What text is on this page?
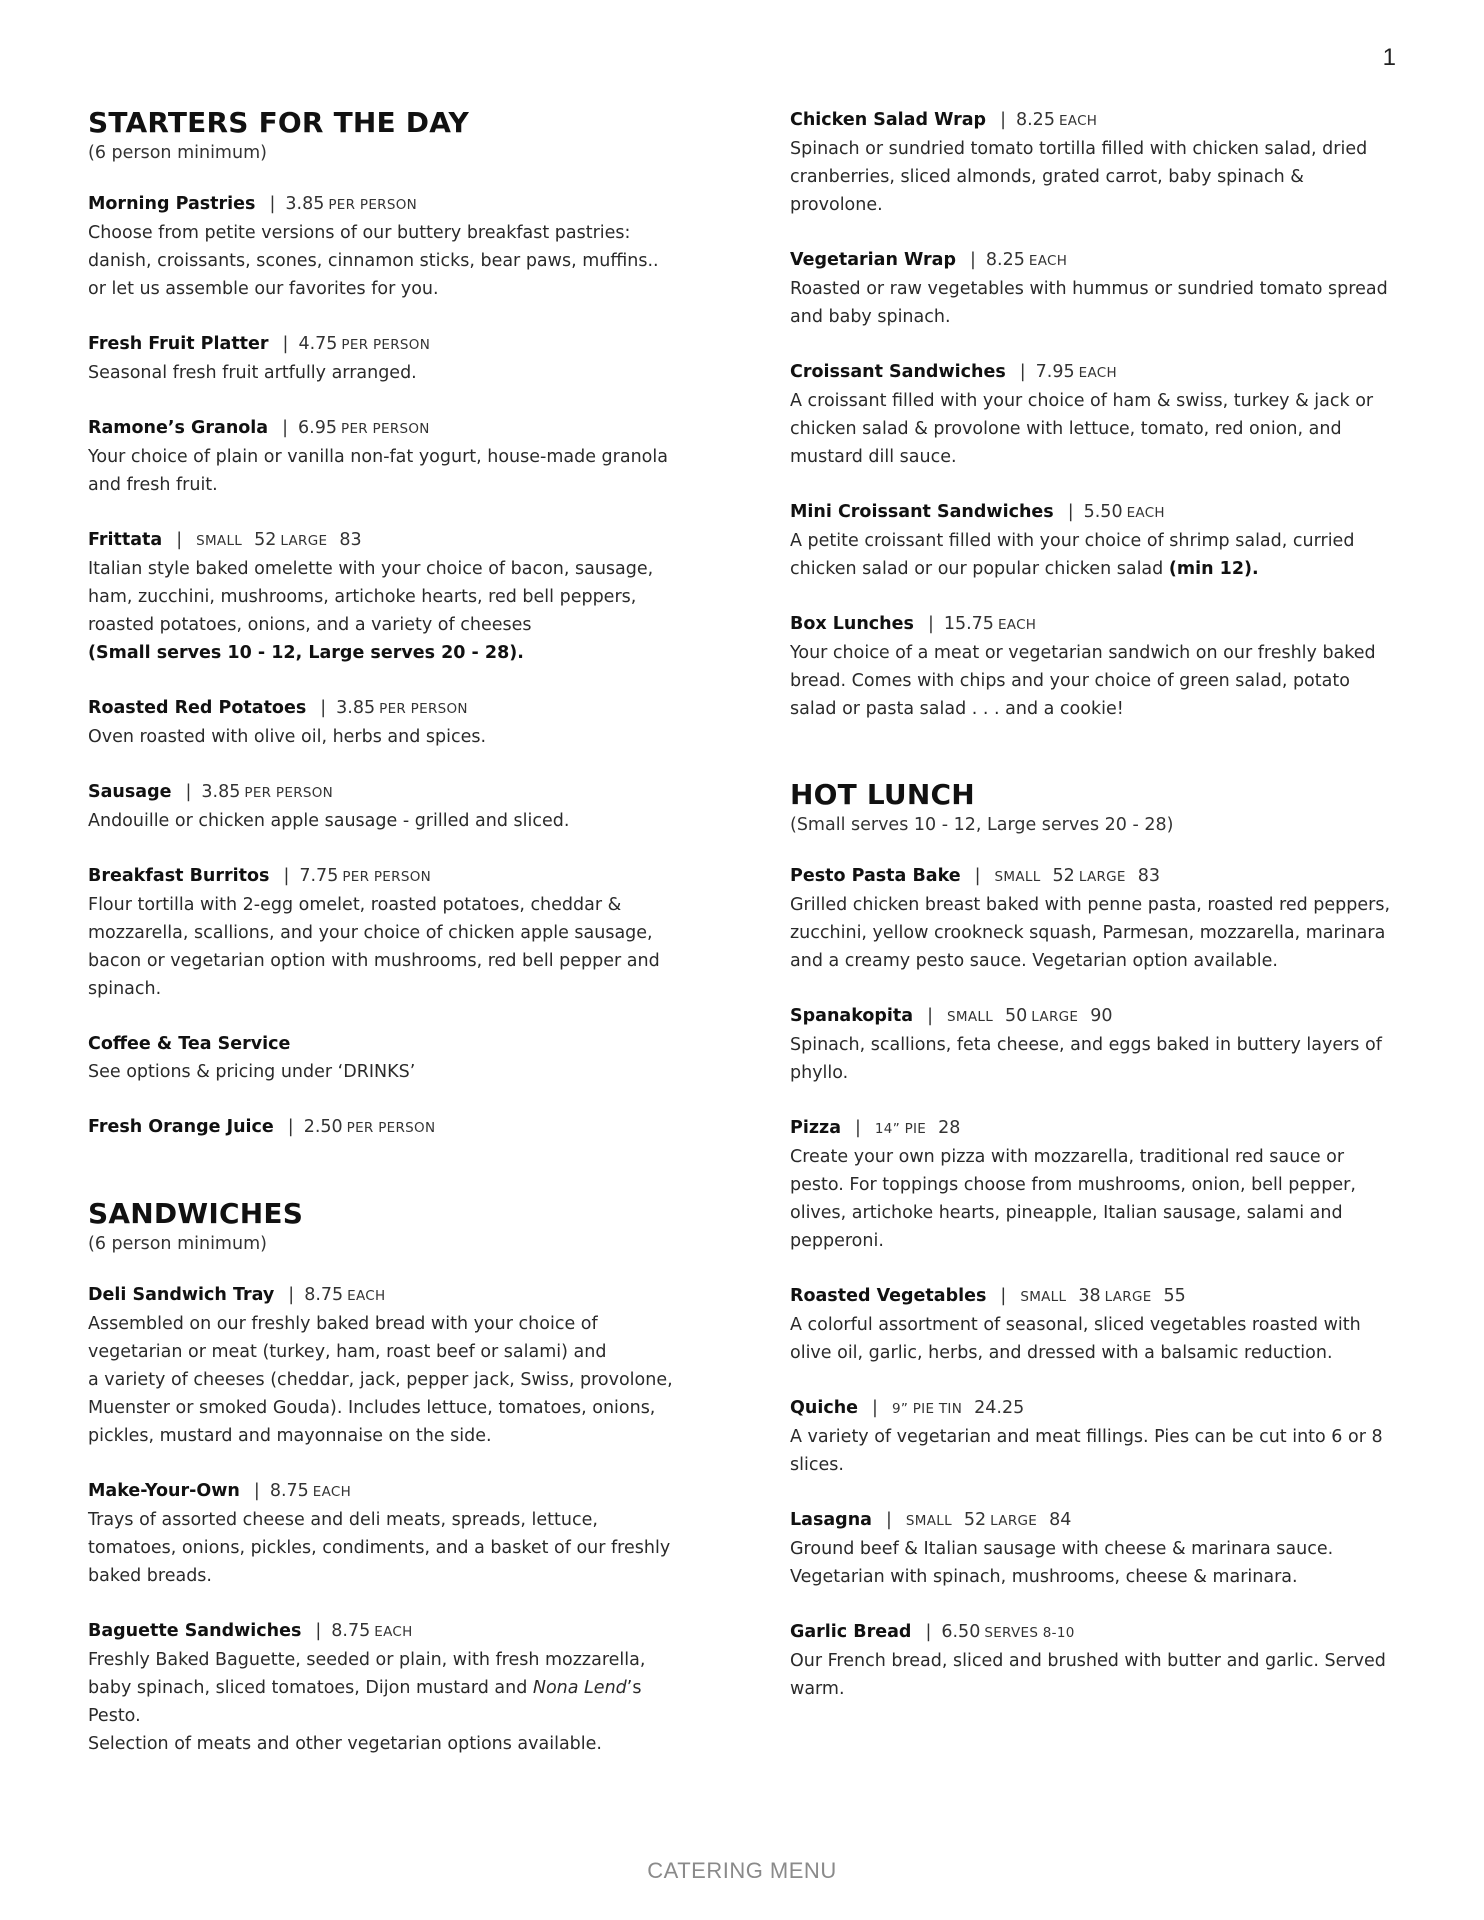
1
STARTERS FOR THE DAY
(6 person minimum)
Morning Pastries | 3.85 PER PERSON
Choose from petite versions of our buttery breakfast pastries:
danish, croissants, scones, cinnamon sticks, bear paws, muffins..
or let us assemble our favorites for you.
Fresh Fruit Platter | 4.75 PER PERSON
Seasonal fresh fruit artfully arranged.
Ramone’s Granola | 6.95 PER PERSON
Your choice of plain or vanilla non-fat yogurt, house-made granola
and fresh fruit.
Frittata | SMALL 52 LARGE 83
Italian style baked omelette with your choice of bacon, sausage,
ham, zucchini, mushrooms, artichoke hearts, red bell peppers,
roasted potatoes, onions, and a variety of cheeses
(Small serves 10 - 12, Large serves 20 - 28).
Roasted Red Potatoes | 3.85 PER PERSON
Oven roasted with olive oil, herbs and spices.
Sausage | 3.85 PER PERSON
Andouille or chicken apple sausage - grilled and sliced.
Breakfast Burritos | 7.75 PER PERSON
Flour tortilla with 2-egg omelet, roasted potatoes, cheddar &
mozzarella, scallions, and your choice of chicken apple sausage,
bacon or vegetarian option with mushrooms, red bell pepper and
spinach.
Coffee & Tea Service
See options & pricing under ‘DRINKS’
Fresh Orange Juice | 2.50 PER PERSON
SANDWICHES
(6 person minimum)
Deli Sandwich Tray | 8.75 EACH
Assembled on our freshly baked bread with your choice of
vegetarian or meat (turkey, ham, roast beef or salami) and
a variety of cheeses (cheddar, jack, pepper jack, Swiss, provolone,
Muenster or smoked Gouda). Includes lettuce, tomatoes, onions,
pickles, mustard and mayonnaise on the side.
Make-Your-Own | 8.75 EACH
Trays of assorted cheese and deli meats, spreads, lettuce,
tomatoes, onions, pickles, condiments, and a basket of our freshly
baked breads.
Baguette Sandwiches | 8.75 EACH
Freshly Baked Baguette, seeded or plain, with fresh mozzarella,
baby spinach, sliced tomatoes, Dijon mustard and Nona Lend’s
Pesto.
Selection of meats and other vegetarian options available.
Chicken Salad Wrap | 8.25 EACH
Spinach or sundried tomato tortilla filled with chicken salad, dried
cranberries, sliced almonds, grated carrot, baby spinach &
provolone.
Vegetarian Wrap | 8.25 EACH
Roasted or raw vegetables with hummus or sundried tomato spread
and baby spinach.
Croissant Sandwiches | 7.95 EACH
A croissant filled with your choice of ham & swiss, turkey & jack or
chicken salad & provolone with lettuce, tomato, red onion, and
mustard dill sauce.
Mini Croissant Sandwiches | 5.50 EACH
A petite croissant filled with your choice of shrimp salad, curried
chicken salad or our popular chicken salad (min 12).
Box Lunches | 15.75 EACH
Your choice of a meat or vegetarian sandwich on our freshly baked
bread. Comes with chips and your choice of green salad, potato
salad or pasta salad . . . and a cookie!
HOT LUNCH
(Small serves 10 - 12, Large serves 20 - 28)
Pesto Pasta Bake | SMALL 52 LARGE 83
Grilled chicken breast baked with penne pasta, roasted red peppers,
zucchini, yellow crookneck squash, Parmesan, mozzarella, marinara
and a creamy pesto sauce. Vegetarian option available.
Spanakopita | SMALL 50 LARGE 90
Spinach, scallions, feta cheese, and eggs baked in buttery layers of
phyllo.
Pizza | 14” PIE 28
Create your own pizza with mozzarella, traditional red sauce or
pesto. For toppings choose from mushrooms, onion, bell pepper,
olives, artichoke hearts, pineapple, Italian sausage, salami and
pepperoni.
Roasted Vegetables | SMALL 38 LARGE 55
A colorful assortment of seasonal, sliced vegetables roasted with
olive oil, garlic, herbs, and dressed with a balsamic reduction.
Quiche | 9” PIE TIN 24.25
A variety of vegetarian and meat fillings. Pies can be cut into 6 or 8
slices.
Lasagna | SMALL 52 LARGE 84
Ground beef & Italian sausage with cheese & marinara sauce.
Vegetarian with spinach, mushrooms, cheese & marinara.
Garlic Bread | 6.50 SERVES 8-10
Our French bread, sliced and brushed with butter and garlic. Served
warm.
CATERING MENU
